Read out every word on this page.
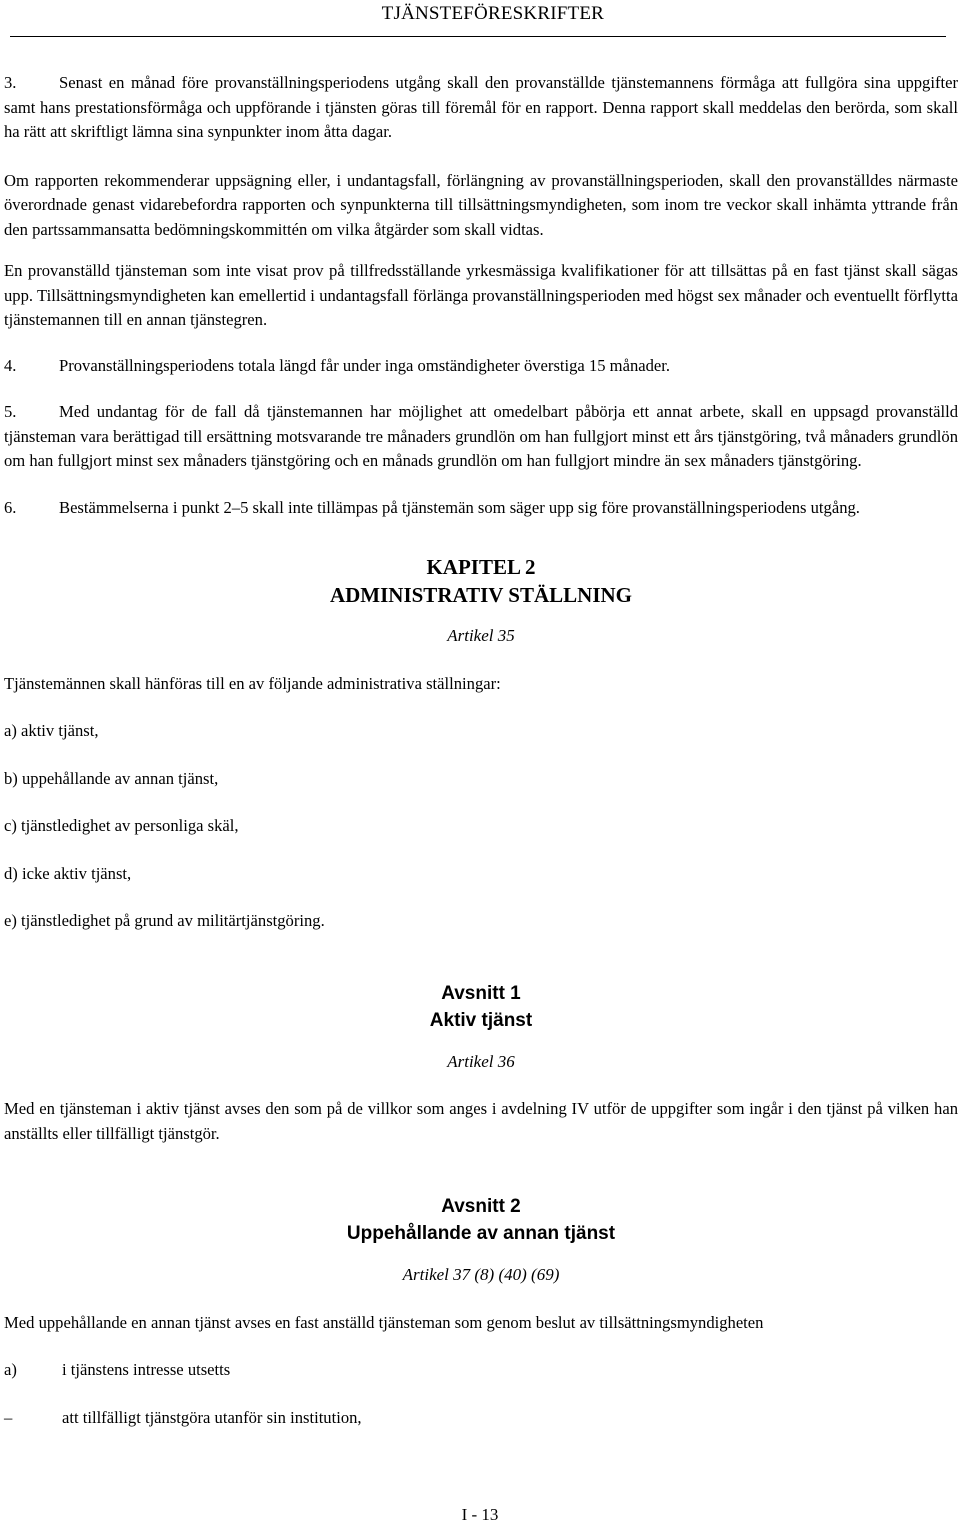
TJÄNSTEFÖRESKRIFTER

3.	Senast en månad före provanställningsperiodens utgång skall den provanställde tjänstemannens förmåga att fullgöra sina uppgifter samt hans prestationsförmåga och uppförande i tjänsten göras till föremål för en rapport. Denna rapport skall meddelas den berörda, som skall ha rätt att skriftligt lämna sina synpunkter inom åtta dagar.

Om rapporten rekommenderar uppsägning eller, i undantagsfall, förlängning av provanställningsperioden, skall den provanställdes närmaste överordnade genast vidarebefordra rapporten och synpunkterna till tillsättningsmyndigheten, som inom tre veckor skall inhämta yttrande från den partssammansatta bedömningskommittén om vilka åtgärder som skall vidtas.

En provanställd tjänsteman som inte visat prov på tillfredsställande yrkesmässiga kvalifikationer för att tillsättas på en fast tjänst skall sägas upp. Tillsättningsmyndigheten kan emellertid i undantagsfall förlänga provanställningsperioden med högst sex månader och eventuellt förflytta tjänstemannen till en annan tjänstegren.

4.	Provanställningsperiodens totala längd får under inga omständigheter överstiga 15 månader.

5.	Med undantag för de fall då tjänstemannen har möjlighet att omedelbart påbörja ett annat arbete, skall en uppsagd provanställd tjänsteman vara berättigad till ersättning motsvarande tre månaders grundlön om han fullgjort minst ett års tjänstgöring, två månaders grundlön om han fullgjort minst sex månaders tjänstgöring och en månads grundlön om han fullgjort mindre än sex månaders tjänstgöring.

6.	Bestämmelserna i punkt 2–5 skall inte tillämpas på tjänstemän som säger upp sig före provanställningsperiodens utgång.

KAPITEL 2
ADMINISTRATIV STÄLLNING
Artikel 35

Tjänstemännen skall hänföras till en av följande administrativa ställningar:

a) aktiv tjänst,

b) uppehållande av annan tjänst,

c) tjänstledighet av personliga skäl,

d) icke aktiv tjänst,

e) tjänstledighet på grund av militärtjänstgöring.

Avsnitt 1
Aktiv tjänst
Artikel 36

Med en tjänsteman i aktiv tjänst avses den som på de villkor som anges i avdelning IV utför de uppgifter som ingår i den tjänst på vilken han anställts eller tillfälligt tjänstgör.

Avsnitt 2
Uppehållande av annan tjänst
Artikel 37 (8) (40) (69)

Med uppehållande en annan tjänst avses en fast anställd tjänsteman som genom beslut av tillsättningsmyndigheten

a)	i tjänstens intresse utsetts
–	att tillfälligt tjänstgöra utanför sin institution,
I - 13
